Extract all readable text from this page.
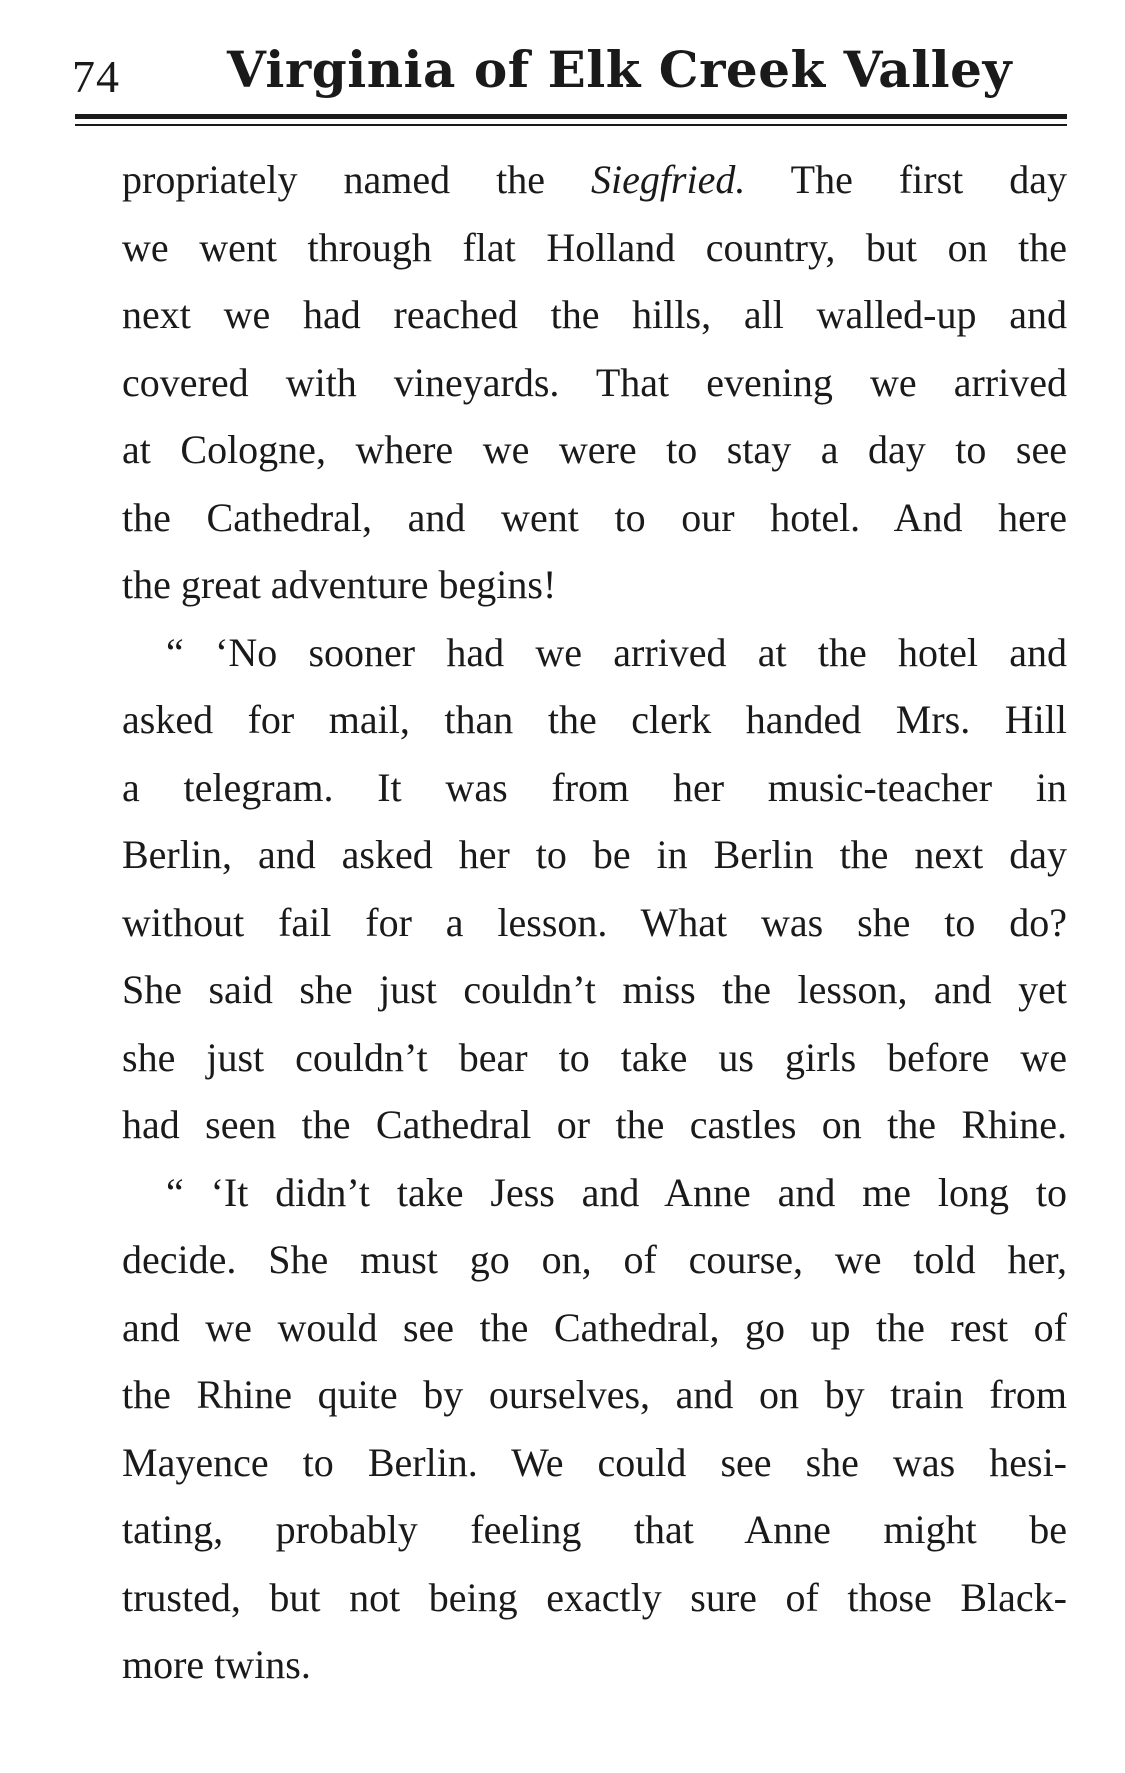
74 Virginia of Elk Creek Valley
propriately named the Siegfried. The first day
we went through flat Holland country, but on the
next we had reached the hills, all walled-up and
covered with vineyards. That evening we arrived
at Cologne, where we were to stay a day to see
the Cathedral, and went to our hotel. And here
the great adventure begins!
“ ‘No sooner had we arrived at the hotel and
asked for mail, than the clerk handed Mrs. Hill
a telegram. It was from her music-teacher in
Berlin, and asked her to be in Berlin the next day
without fail for a lesson. What was she to do?
She said she just couldn’t miss the lesson, and yet
she just couldn’t bear to take us girls before we
had seen the Cathedral or the castles on the Rhine.
“ ‘It didn’t take Jess and Anne and me long to
decide. She must go on, of course, we told her,
and we would see the Cathedral, go up the rest of
the Rhine quite by ourselves, and on by train from
Mayence to Berlin. We could see she was hesi-
tating, probably feeling that Anne might be
trusted, but not being exactly sure of those Black-
more twins.
